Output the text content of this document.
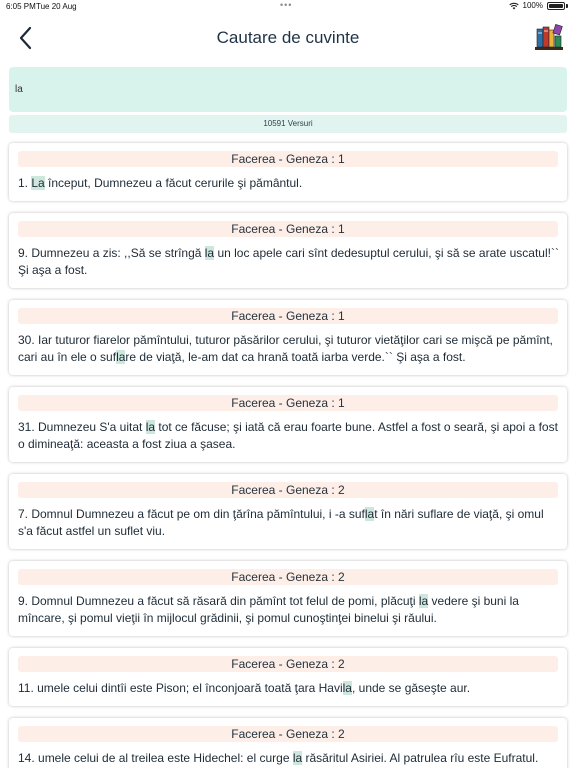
6:05 PM Tue 20 Aug	•••	100%
Cautare de cuvinte
la
10591 Versuri
Facerea - Geneza : 1
1. La început, Dumnezeu a făcut cerurile şi pământul.
Facerea - Geneza : 1
9. Dumnezeu a zis: ,,Să se strîngă la un loc apele cari sînt dedesuptul cerului, şi să se arate uscatul!`` Şi aşa a fost.
Facerea - Geneza : 1
30. Iar tuturor fiarelor pămîntului, tuturor păsărilor cerului, şi tuturor vietăţilor cari se mişcă pe pămînt, cari au în ele o suflare de viaţă, le-am dat ca hrană toată iarba verde.`` Şi aşa a fost.
Facerea - Geneza : 1
31. Dumnezeu S'a uitat la tot ce făcuse; şi iată că erau foarte bune. Astfel a fost o seară, şi apoi a fost o dimineaţă: aceasta a fost ziua a şasea.
Facerea - Geneza : 2
7. Domnul Dumnezeu a făcut pe om din ţărîna pămîntului, i -a suflat în nări suflare de viaţă, şi omul s'a făcut astfel un suflet viu.
Facerea - Geneza : 2
9. Domnul Dumnezeu a făcut să răsară din pămînt tot felul de pomi, plăcuţi la vedere şi buni la mîncare, şi pomul vieţii în mijlocul grădinii, şi pomul cunoştinţei binelui şi răului.
Facerea - Geneza : 2
11. umele celui dintîi este Pison; el înconjoară toată ţara Havila, unde se găseşte aur.
Facerea - Geneza : 2
14. umele celui de al treilea este Hidechel: el curge la răsăritul Asiriei. Al patrulea rîu este Eufratul.
